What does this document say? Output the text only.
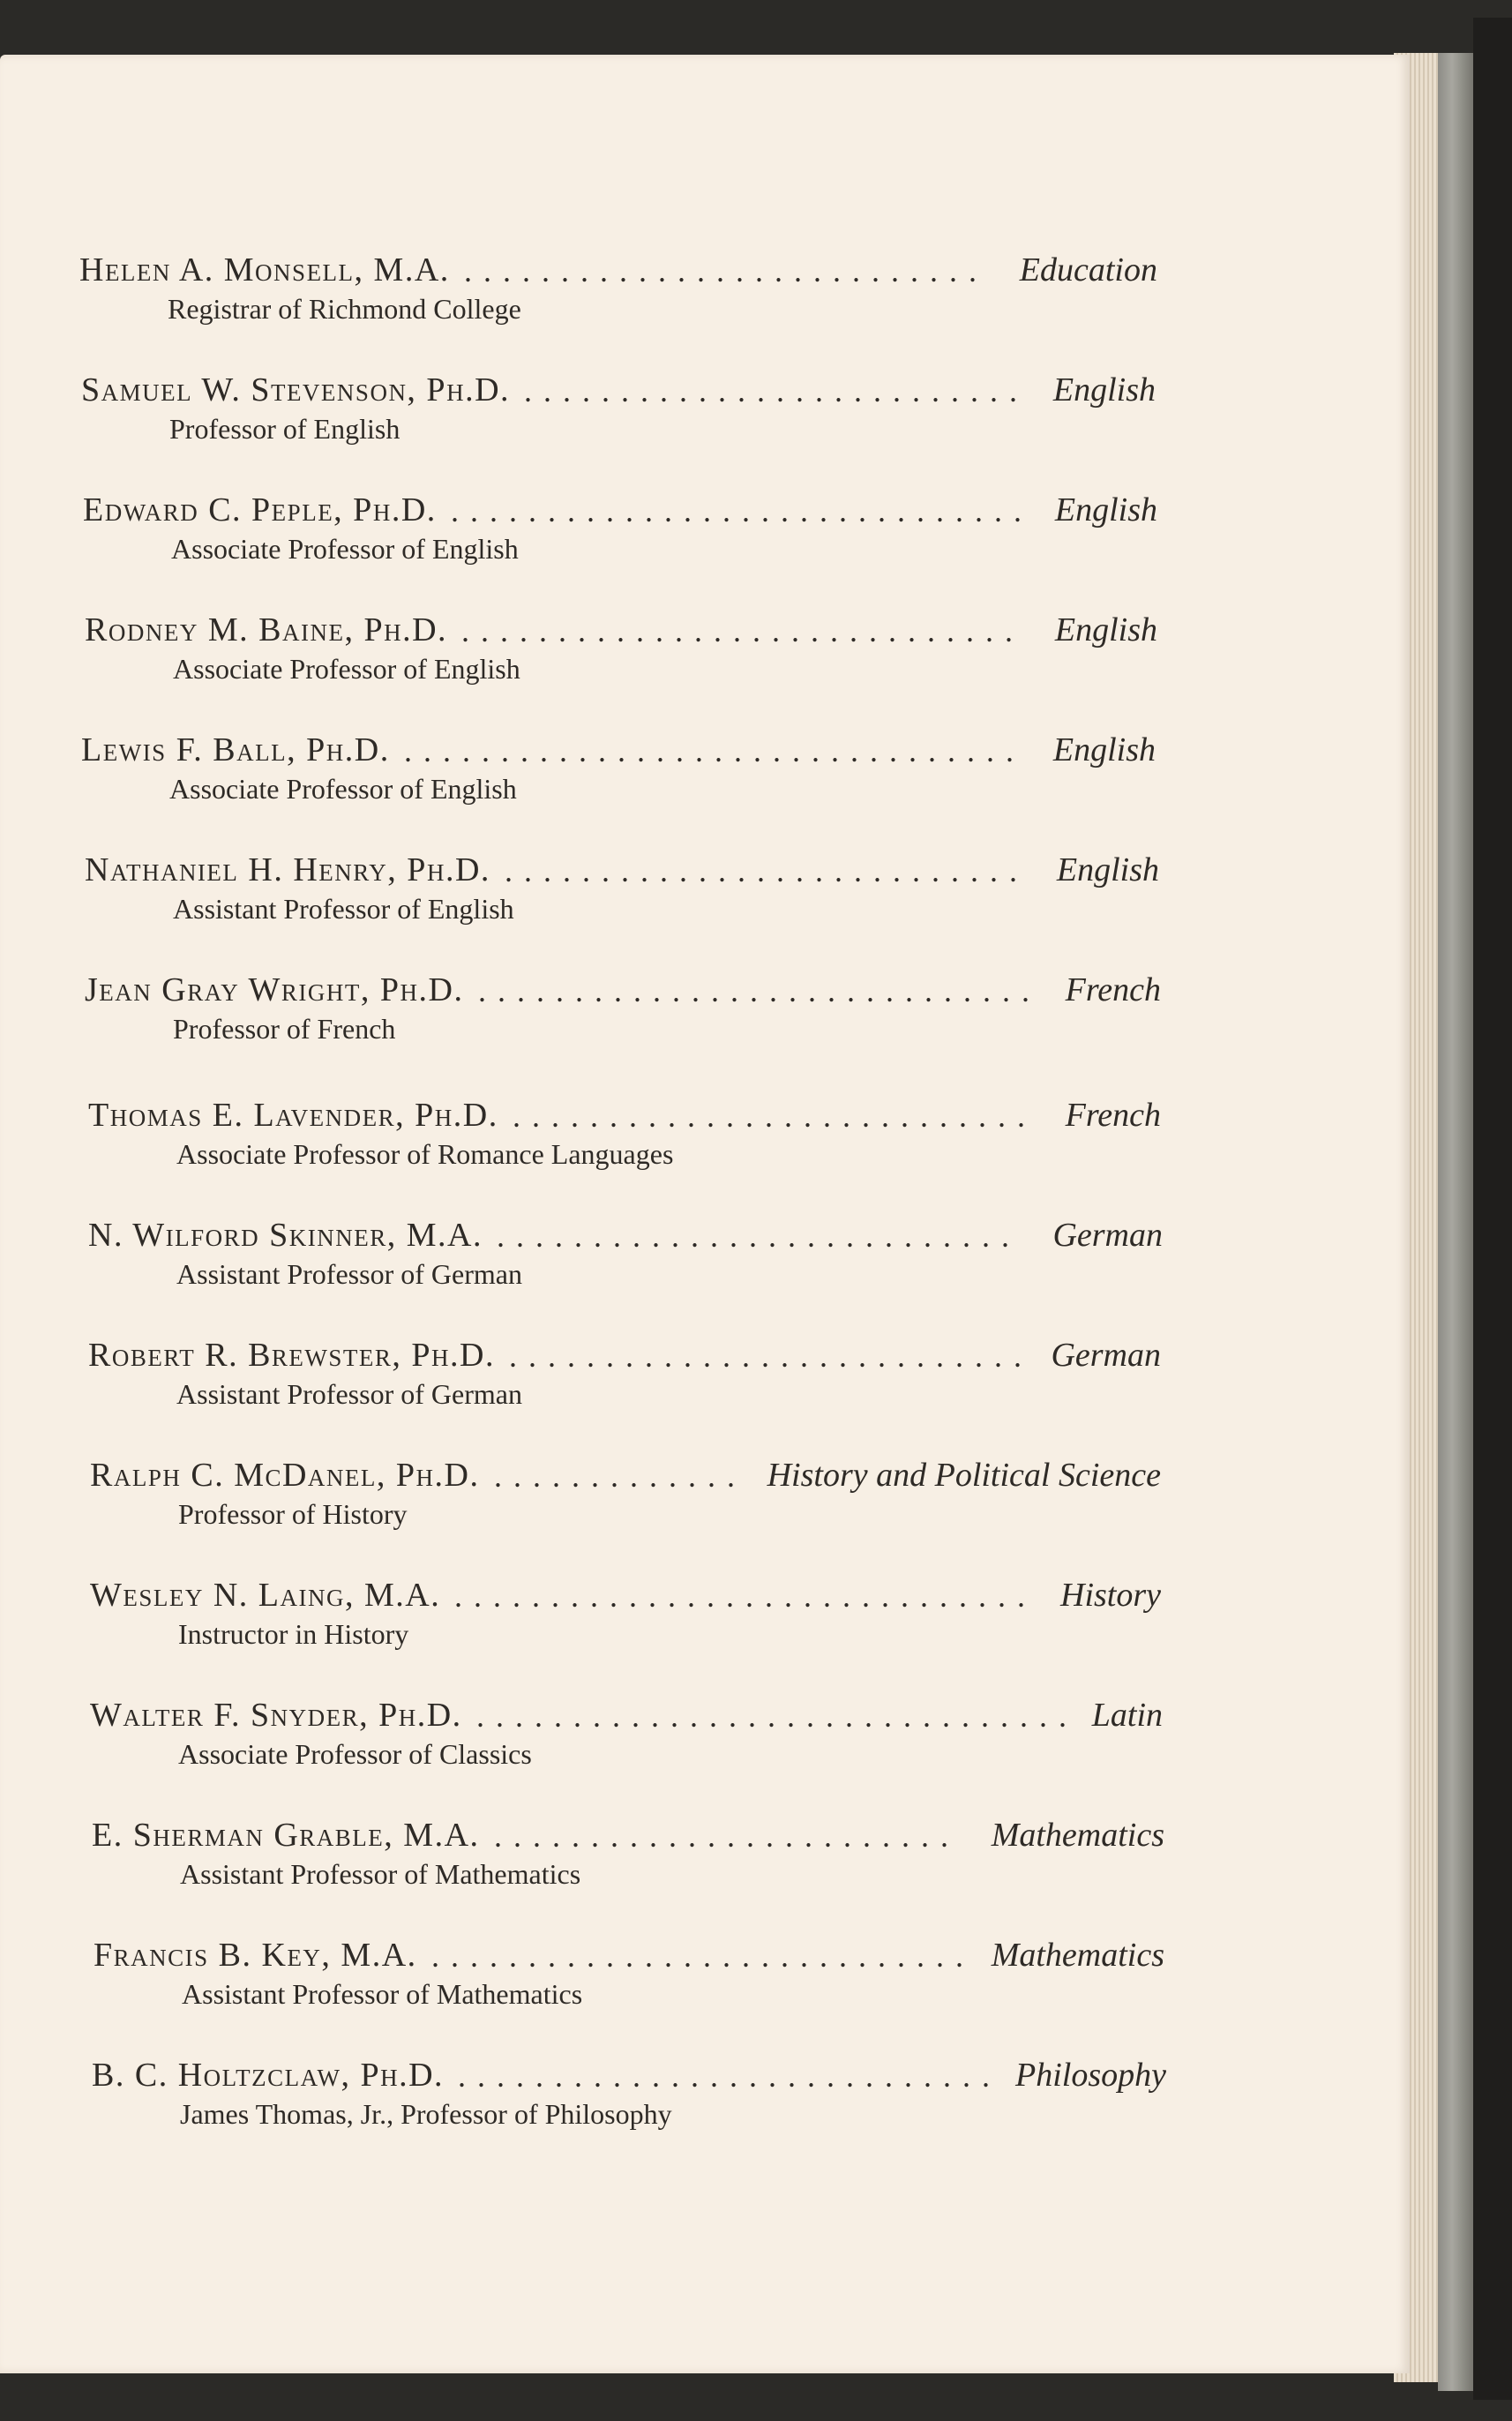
Helen A. Monsell, M.A. ........................... Education
Registrar of Richmond College
Samuel W. Stevenson, Ph.D. .......................... English
Professor of English
Edward C. Peple, Ph.D. .............................. English
Associate Professor of English
Rodney M. Baine, Ph.D. ............................. English
Associate Professor of English
Lewis F. Ball, Ph.D. ................................ English
Associate Professor of English
Nathaniel H. Henry, Ph.D. ........................... English
Assistant Professor of English
Jean Gray Wright, Ph.D. ............................. French
Professor of French
Thomas E. Lavender, Ph.D. ........................... French
Associate Professor of Romance Languages
N. Wilford Skinner, M.A. ........................... German
Assistant Professor of German
Robert R. Brewster, Ph.D. ........................... German
Assistant Professor of German
Ralph C. McDanel, Ph.D. ............. History and Political Science
Professor of History
Wesley N. Laing, M.A. .............................. History
Instructor in History
Walter F. Snyder, Ph.D. ............................... Latin
Associate Professor of Classics
E. Sherman Grable, M.A. ........................ Mathematics
Assistant Professor of Mathematics
Francis B. Key, M.A. ............................ Mathematics
Assistant Professor of Mathematics
B. C. Holtzclaw, Ph.D. ............................ Philosophy
James Thomas, Jr., Professor of Philosophy
